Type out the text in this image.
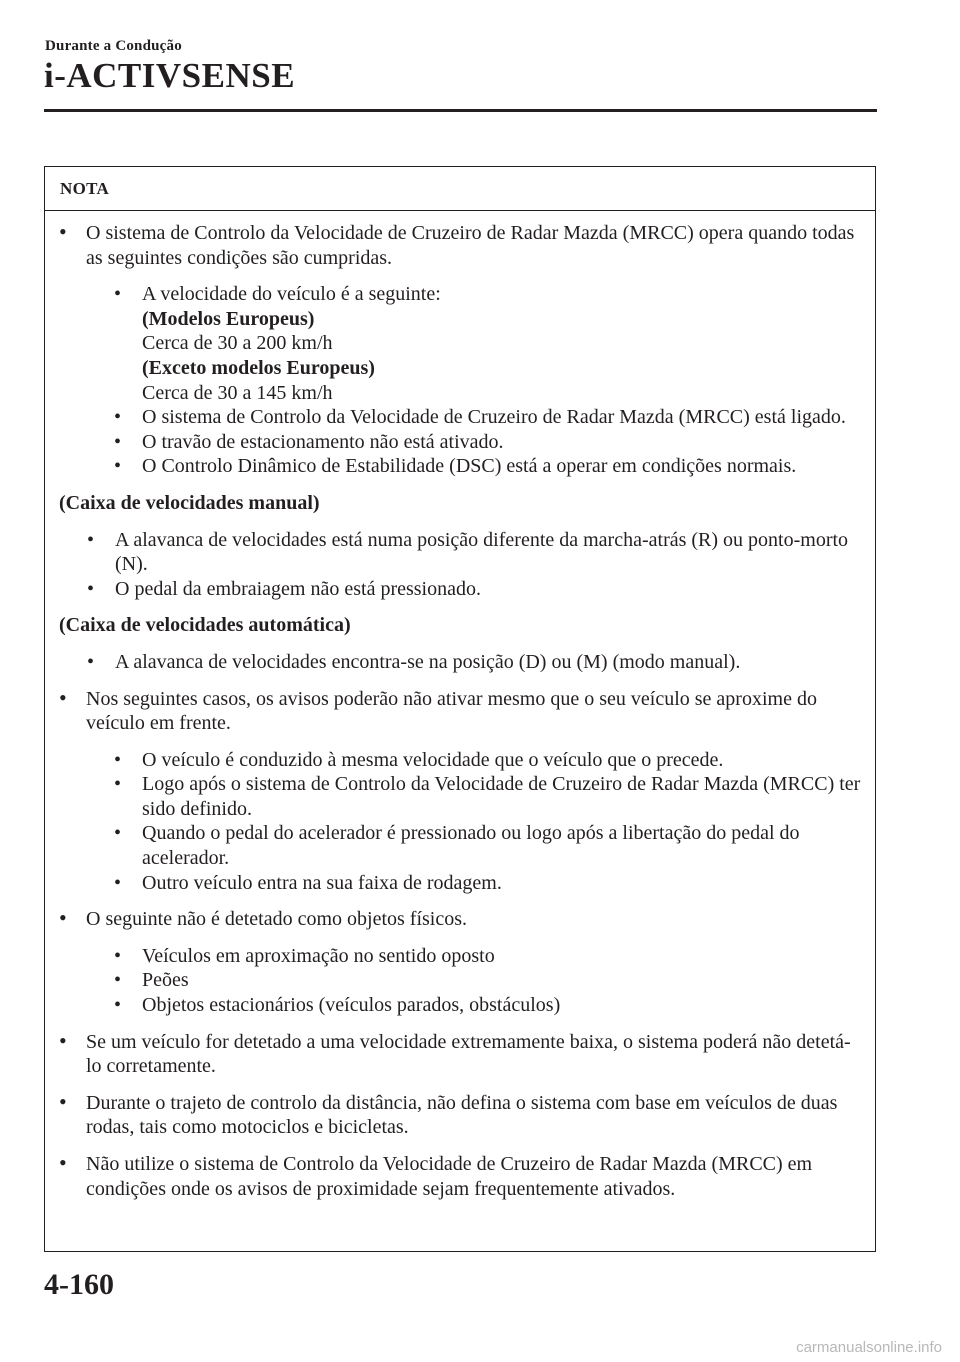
Durante a Condução
i-ACTIVSENSE
NOTA
• O sistema de Controlo da Velocidade de Cruzeiro de Radar Mazda (MRCC) opera quando todas as seguintes condições são cumpridas.
• A velocidade do veículo é a seguinte:
(Modelos Europeus)
Cerca de 30 a 200 km/h
(Exceto modelos Europeus)
Cerca de 30 a 145 km/h
• O sistema de Controlo da Velocidade de Cruzeiro de Radar Mazda (MRCC) está ligado.
• O travão de estacionamento não está ativado.
• O Controlo Dinâmico de Estabilidade (DSC) está a operar em condições normais.
(Caixa de velocidades manual)
• A alavanca de velocidades está numa posição diferente da marcha-atrás (R) ou ponto-morto (N).
• O pedal da embraiagem não está pressionado.
(Caixa de velocidades automática)
• A alavanca de velocidades encontra-se na posição (D) ou (M) (modo manual).
• Nos seguintes casos, os avisos poderão não ativar mesmo que o seu veículo se aproxime do veículo em frente.
• O veículo é conduzido à mesma velocidade que o veículo que o precede.
• Logo após o sistema de Controlo da Velocidade de Cruzeiro de Radar Mazda (MRCC) ter sido definido.
• Quando o pedal do acelerador é pressionado ou logo após a libertação do pedal do acelerador.
• Outro veículo entra na sua faixa de rodagem.
• O seguinte não é detetado como objetos físicos.
• Veículos em aproximação no sentido oposto
• Peões
• Objetos estacionários (veículos parados, obstáculos)
• Se um veículo for detetado a uma velocidade extremamente baixa, o sistema poderá não detetá-lo corretamente.
• Durante o trajeto de controlo da distância, não defina o sistema com base em veículos de duas rodas, tais como motociclos e bicicletas.
• Não utilize o sistema de Controlo da Velocidade de Cruzeiro de Radar Mazda (MRCC) em condições onde os avisos de proximidade sejam frequentemente ativados.
4-160
carmanualsonline.info
